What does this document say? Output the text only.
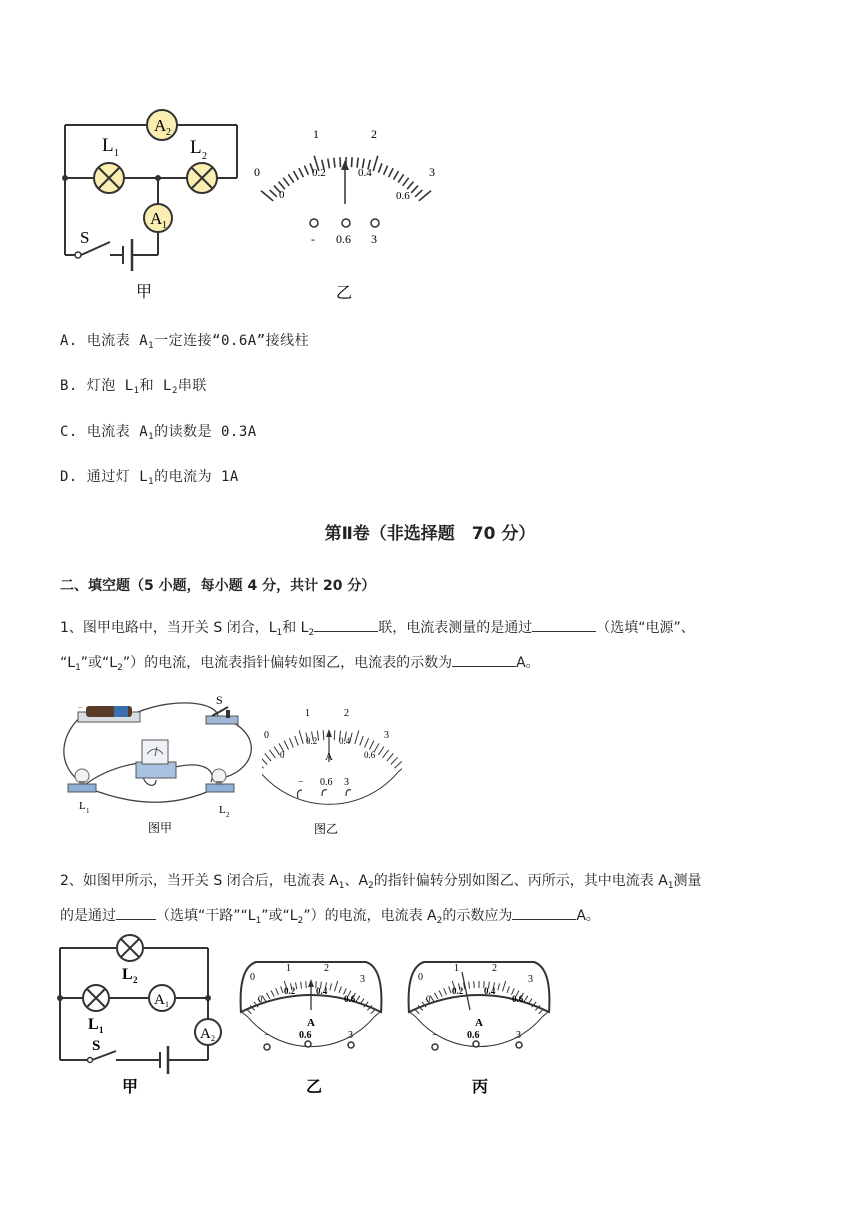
A 2
A 1
L 1	L 2
S
甲
0
1	2
3
0
0.2	0.4
0.6
- 0.6 3
乙
A. 电流表 $A_1$一定连接“0.6A”接线柱
B. 灯泡 $L_1$和 $L_2$串联
C. 电流表 $A_1$的读数是 0.3A
D. 通过灯 $L_1$的电流为 1A
第Ⅱ卷（非选择题　70 分）
二、填空题（5 小题，每小题 4 分，共计 20 分）
1、图甲电路中，当开关 S 闭合，$L_1$和 $L_2$	联，电流表测量的是通过	（选填“电源”、
“$L_1$”或“$L_2$”）的电流，电流表指针偏转如图乙，电流表的示数为	A。
−
S
L 1	L 2
图甲
0
1	2
3
0
0.2 0.4
0.6
A
− 0.6 3
图乙
2、如图甲所示，当开关 S 闭合后，电流表 $A_1$、$A_2$的指针偏转分别如图乙、丙所示，其中电流表 $A_1$测量
的是通过	（选填“干路$”“L_1$”或“$L_2$”）的电流，电流表 $A_2$的示数应为	A。
L 2
L 1
A 1
A 2
S
甲
0
1	2
3
0
0.2 0.4
0.6
A
−	0.6	3
乙
0
1	2
3
0
0.2 0.4
0.6
A
−	0.6	3
丙
